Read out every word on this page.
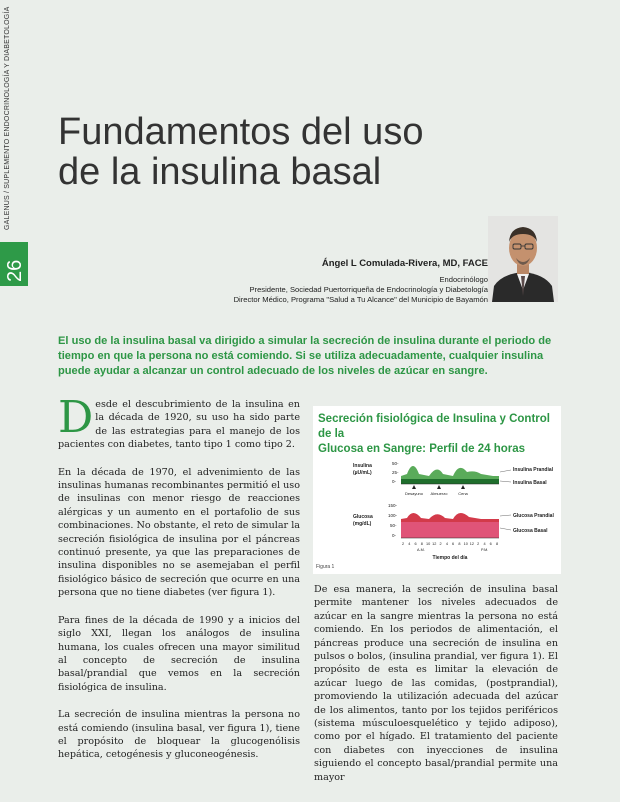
GALENUS / SUPLEMENTO ENDOCRINOLOGÍA Y DIABETOLOGÍA
26
Fundamentos del uso
de la insulina basal
Ángel L Comulada-Rivera, MD, FACE
Endocrinólogo
Presidente, Sociedad Puertorriqueña de Endocrinología y Diabetología
Director Médico, Programa "Salud a Tu Alcance" del Municipio de Bayamón
El uso de la insulina basal va dirigido a simular la secreción de insulina durante el periodo de tiempo en que la persona no está comiendo. Si se utiliza adecuadamente, cualquier insulina puede ayudar a alcanzar un control adecuado de los niveles de azúcar en sangre.

Desde el descubrimiento de la insulina en la década de 1920, su uso ha sido parte de las estrategias para el manejo de los pacientes con diabetes, tanto tipo 1 como tipo 2.

En la década de 1970, el advenimiento de las insulinas humanas recombinantes permitió el uso de insulinas con menor riesgo de reacciones alérgicas y un aumento en el portafolio de sus combinaciones. No obstante, el reto de simular la secreción fisiológica de insulina por el páncreas continuó presente, ya que las preparaciones de insulina disponibles no se asemejaban el perfil fisiológico básico de secreción que ocurre en una persona que no tiene diabetes (ver figura 1).

Para fines de la década de 1990 y a inicios del siglo XXI, llegan los análogos de insulina humana, los cuales ofrecen una mayor similitud al concepto de secreción de insulina basal/prandial que vemos en la secreción fisiológica de insulina.

La secreción de insulina mientras la persona no está comiendo (insulina basal, ver figura 1), tiene el propósito de bloquear la glucogenólisis hepática, cetogénesis y gluconeogénesis.

Secreción fisiológica de Insulina y Control de la
Glucosa en Sangre: Perfil de 24 horas
Insulina
(µU/mL)
50-
25-
0-
Desayuno Almuerzo	Cena
Insulina Prandial
Insulina Basal
Glucosa
(mg/dL)
150-
100-
50-
0-
Glucosa Prandial
Glucosa Basal
2 4 6 8 10 12 2 4 6 8 10 12 2 4 6 8
A.M.	P.M.
Tiempo del día
Figura 1

De esa manera, la secreción de insulina basal permite mantener los niveles adecuados de azúcar en la sangre mientras la persona no está comiendo. En los periodos de alimentación, el páncreas produce una secreción de insulina en pulsos o bolos, (insulina prandial, ver figura 1). El propósito de esta es limitar la elevación de azúcar luego de las comidas, (postprandial), promoviendo la utilización adecuada del azúcar de los alimentos, tanto por los tejidos periféricos (sistema músculoesquelético y tejido adiposo), como por el hígado. El tratamiento del paciente con diabetes con inyecciones de insulina siguiendo el concepto basal/prandial permite una mayor
